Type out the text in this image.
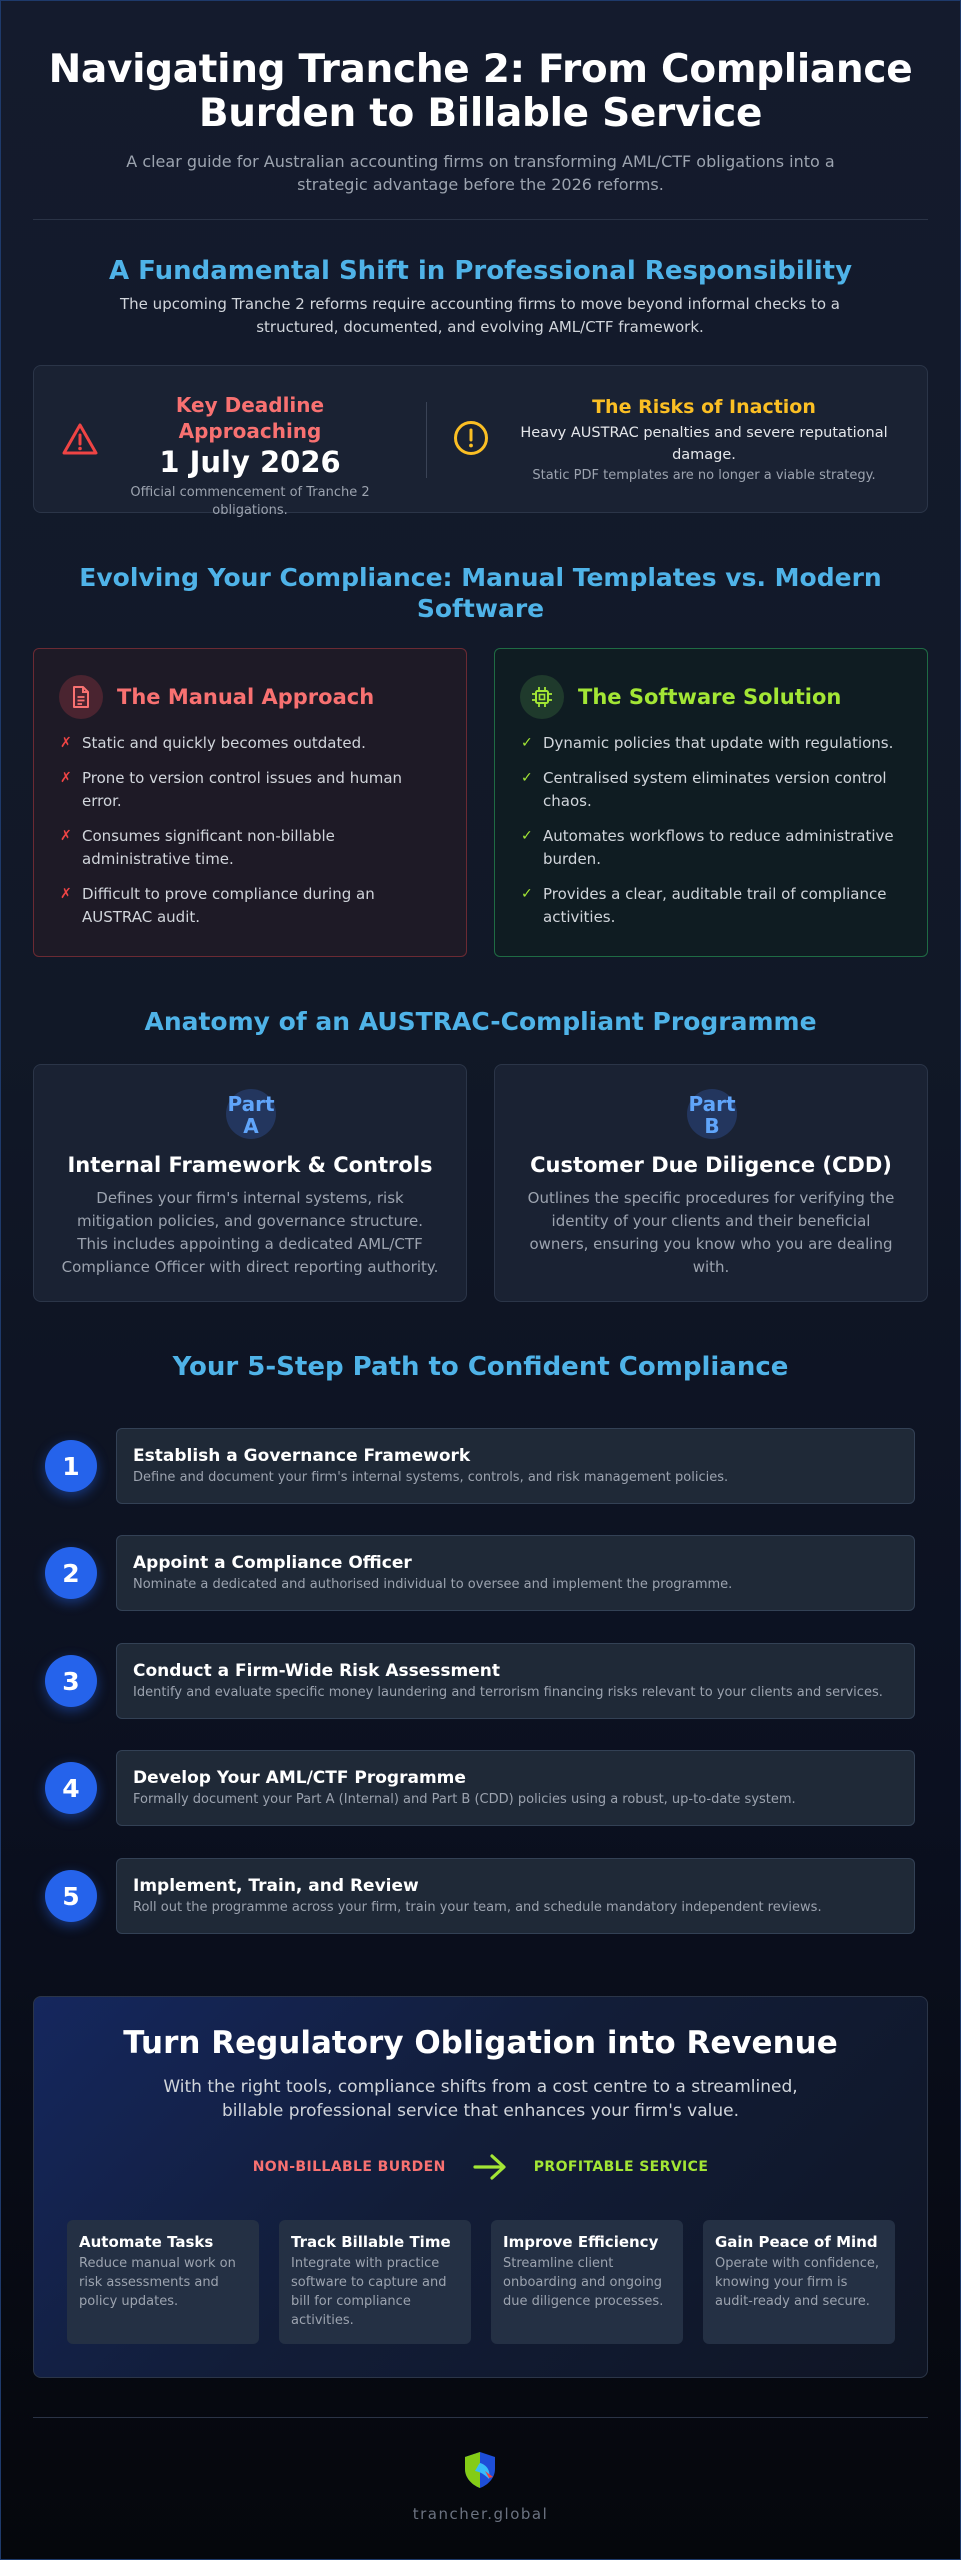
Navigating Tranche 2: From Compliance Burden to Billable Service

A clear guide for Australian accounting firms on transforming AML/CTF obligations into a strategic advantage before the 2026 reforms.

A Fundamental Shift in Professional Responsibility

The upcoming Tranche 2 reforms require accounting firms to move beyond informal checks to a structured, documented, and evolving AML/CTF framework.

Key Deadline Approaching
1 July 2026
Official commencement of Tranche 2 obligations.
The Risks of Inaction
Heavy AUSTRAC penalties and severe reputational damage.
Static PDF templates are no longer a viable strategy.
Evolving Your Compliance: Manual Templates vs. Modern Software
The Manual Approach
✗ Static and quickly becomes outdated.
✗ Prone to version control issues and human error.
✗ Consumes significant non-billable administrative time.
✗ Difficult to prove compliance during an AUSTRAC audit.
The Software Solution
✓ Dynamic policies that update with regulations.
✓ Centralised system eliminates version control chaos.
✓ Automates workflows to reduce administrative burden.
✓ Provides a clear, auditable trail of compliance activities.
Anatomy of an AUSTRAC-Compliant Programme
Part A
Internal Framework & Controls

Defines your firm's internal systems, risk mitigation policies, and governance structure. This includes appointing a dedicated AML/CTF Compliance Officer with direct reporting authority.

Part B
Customer Due Diligence (CDD)

Outlines the specific procedures for verifying the identity of your clients and their beneficial owners, ensuring you know who you are dealing with.

Your 5-Step Path to Confident Compliance
1	Establish a Governance Framework

Define and document your firm's internal systems, controls, and risk management policies.

2	Appoint a Compliance Officer

Nominate a dedicated and authorised individual to oversee and implement the programme.

3	Conduct a Firm-Wide Risk Assessment

Identify and evaluate specific money laundering and terrorism financing risks relevant to your clients and services.

4	Develop Your AML/CTF Programme

Formally document your Part A (Internal) and Part B (CDD) policies using a robust, up-to-date system.

5	Implement, Train, and Review

Roll out the programme across your firm, train your team, and schedule mandatory independent reviews.

Turn Regulatory Obligation into Revenue

With the right tools, compliance shifts from a cost centre to a streamlined, billable professional service that enhances your firm's value.

NON-BILLABLE BURDEN	PROFITABLE SERVICE
Automate Tasks

Reduce manual work on risk assessments and policy updates.

Track Billable Time

Integrate with practice software to capture and bill for compliance activities.

Improve Efficiency

Streamline client onboarding and ongoing due diligence processes.

Gain Peace of Mind

Operate with confidence, knowing your firm is audit-ready and secure.

trancher.global
